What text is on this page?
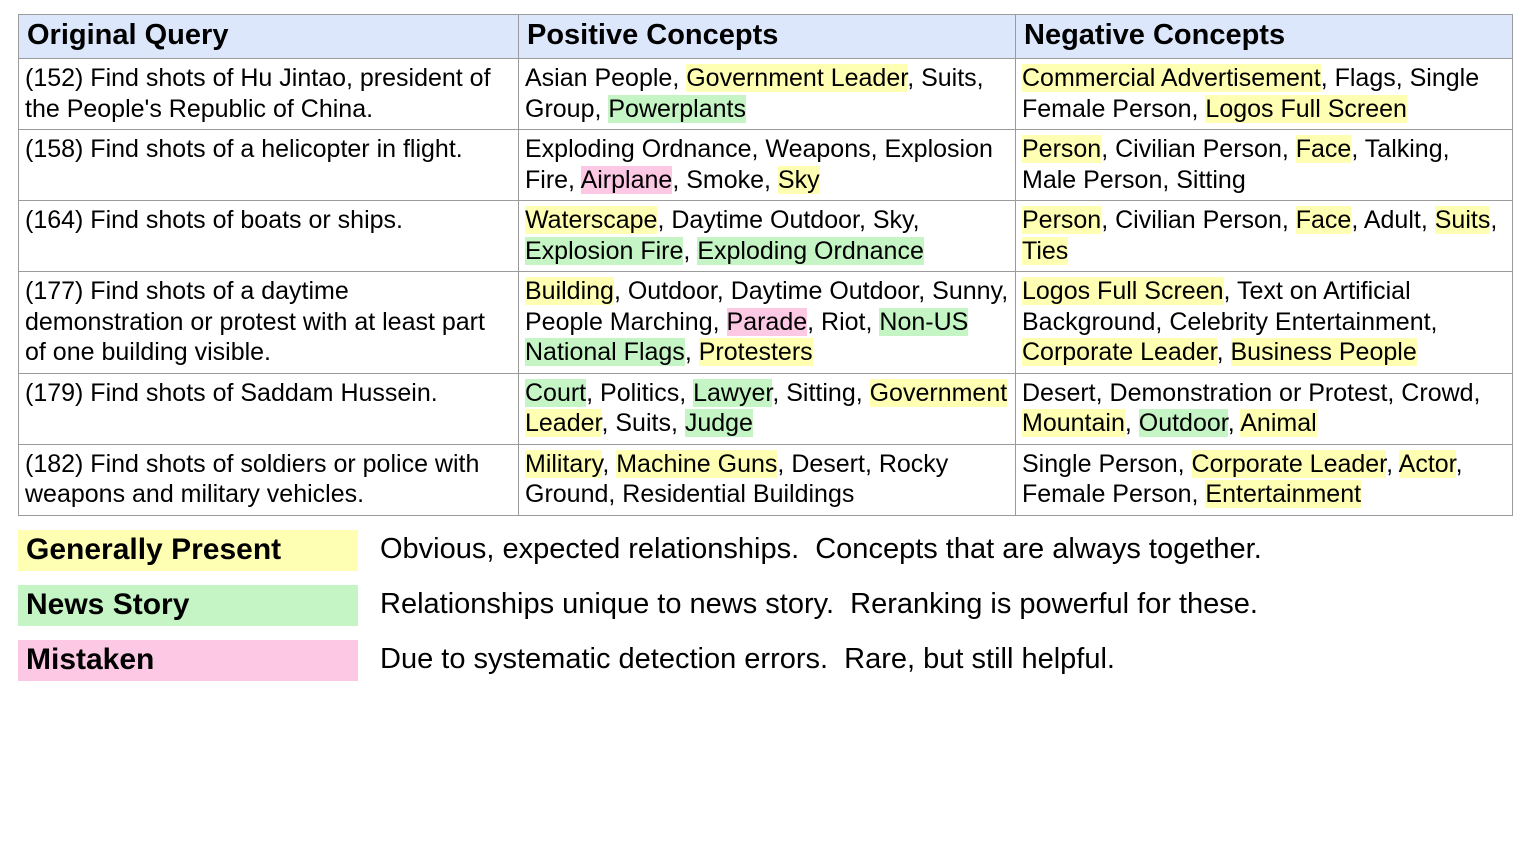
Original Query	Positive Concepts	Negative Concepts
(152) Find shots of Hu Jintao, president of the People's Republic of China.	Asian People, Government Leader, Suits, Group, Powerplants	Commercial Advertisement, Flags, Single Female Person, Logos Full Screen
(158) Find shots of a helicopter in flight.	Exploding Ordnance, Weapons, Explosion Fire, Airplane, Smoke, Sky	Person, Civilian Person, Face, Talking, Male Person, Sitting
(164) Find shots of boats or ships.	Waterscape, Daytime Outdoor, Sky, Explosion Fire, Exploding Ordnance	Person, Civilian Person, Face, Adult, Suits, Ties
(177) Find shots of a daytime demonstration or protest with at least part of one building visible.	Building, Outdoor, Daytime Outdoor, Sunny, People Marching, Parade, Riot, Non-US National Flags, Protesters	Logos Full Screen, Text on Artificial Background, Celebrity Entertainment, Corporate Leader, Business People
(179) Find shots of Saddam Hussein.	Court, Politics, Lawyer, Sitting, Government Leader, Suits, Judge	Desert, Demonstration or Protest, Crowd, Mountain, Outdoor, Animal
(182) Find shots of soldiers or police with weapons and military vehicles.	Military, Machine Guns, Desert, Rocky Ground, Residential Buildings	Single Person, Corporate Leader, Actor, Female Person, Entertainment
Generally Present	Obvious, expected relationships.  Concepts that are always together.
News Story	Relationships unique to news story.  Reranking is powerful for these.
Mistaken	Due to systematic detection errors.  Rare, but still helpful.
